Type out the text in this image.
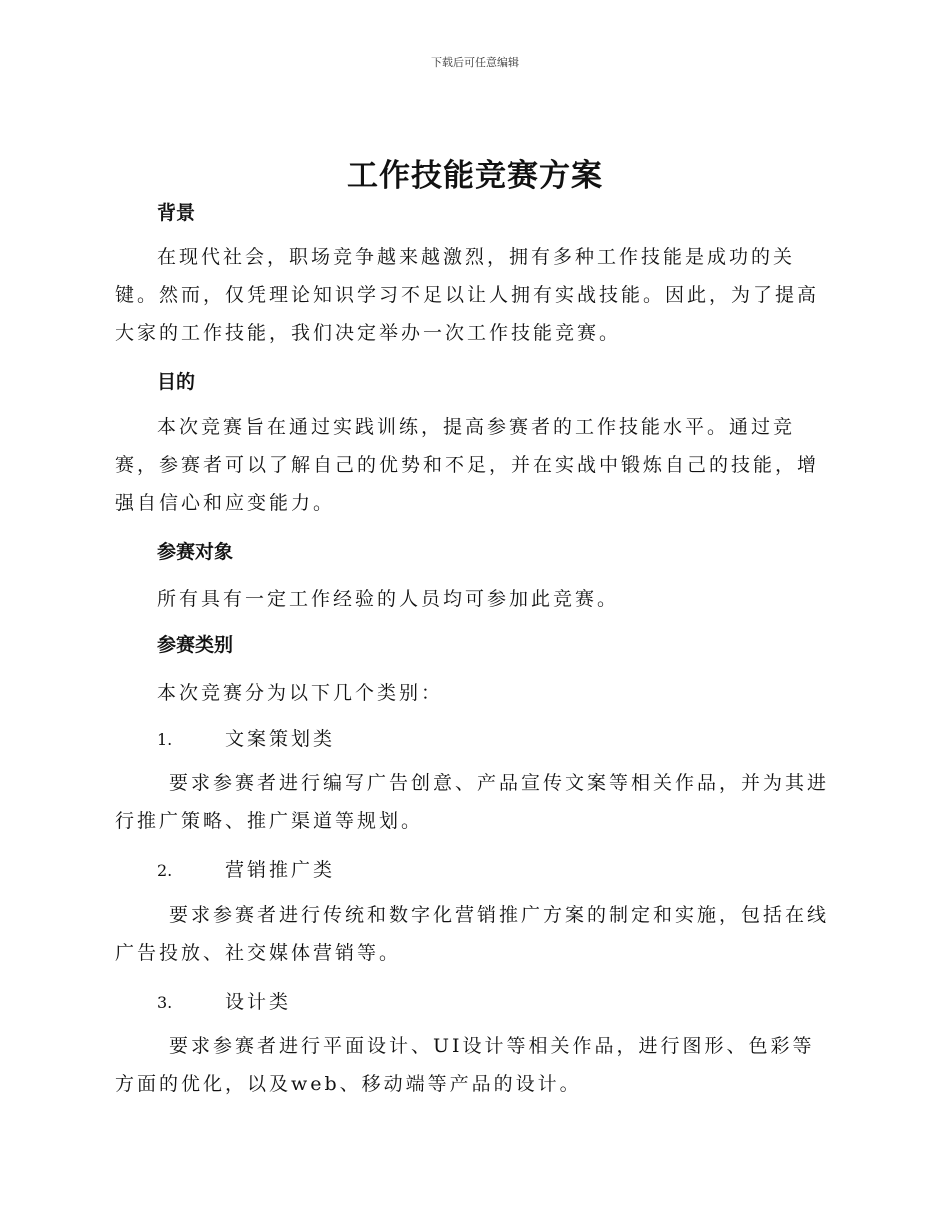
下载后可任意编辑
工作技能竞赛方案
背景

在现代社会，职场竞争越来越激烈，拥有多种工作技能是成功的关键。然而，仅凭理论知识学习不足以让人拥有实战技能。因此，为了提高大家的工作技能，我们决定举办一次工作技能竞赛。

目的

本次竞赛旨在通过实践训练，提高参赛者的工作技能水平。通过竞赛，参赛者可以了解自己的优势和不足，并在实战中锻炼自己的技能，增强自信心和应变能力。

参赛对象
所有具有一定工作经验的人员均可参加此竞赛。
参赛类别
本次竞赛分为以下几个类别：
1.	文案策划类

要求参赛者进行编写广告创意、产品宣传文案等相关作品，并为其进行推广策略、推广渠道等规划。

2.	营销推广类

要求参赛者进行传统和数字化营销推广方案的制定和实施，包括在线广告投放、社交媒体营销等。

3.	设计类

要求参赛者进行平面设计、UI设计等相关作品，进行图形、色彩等方面的优化，以及web、移动端等产品的设计。
